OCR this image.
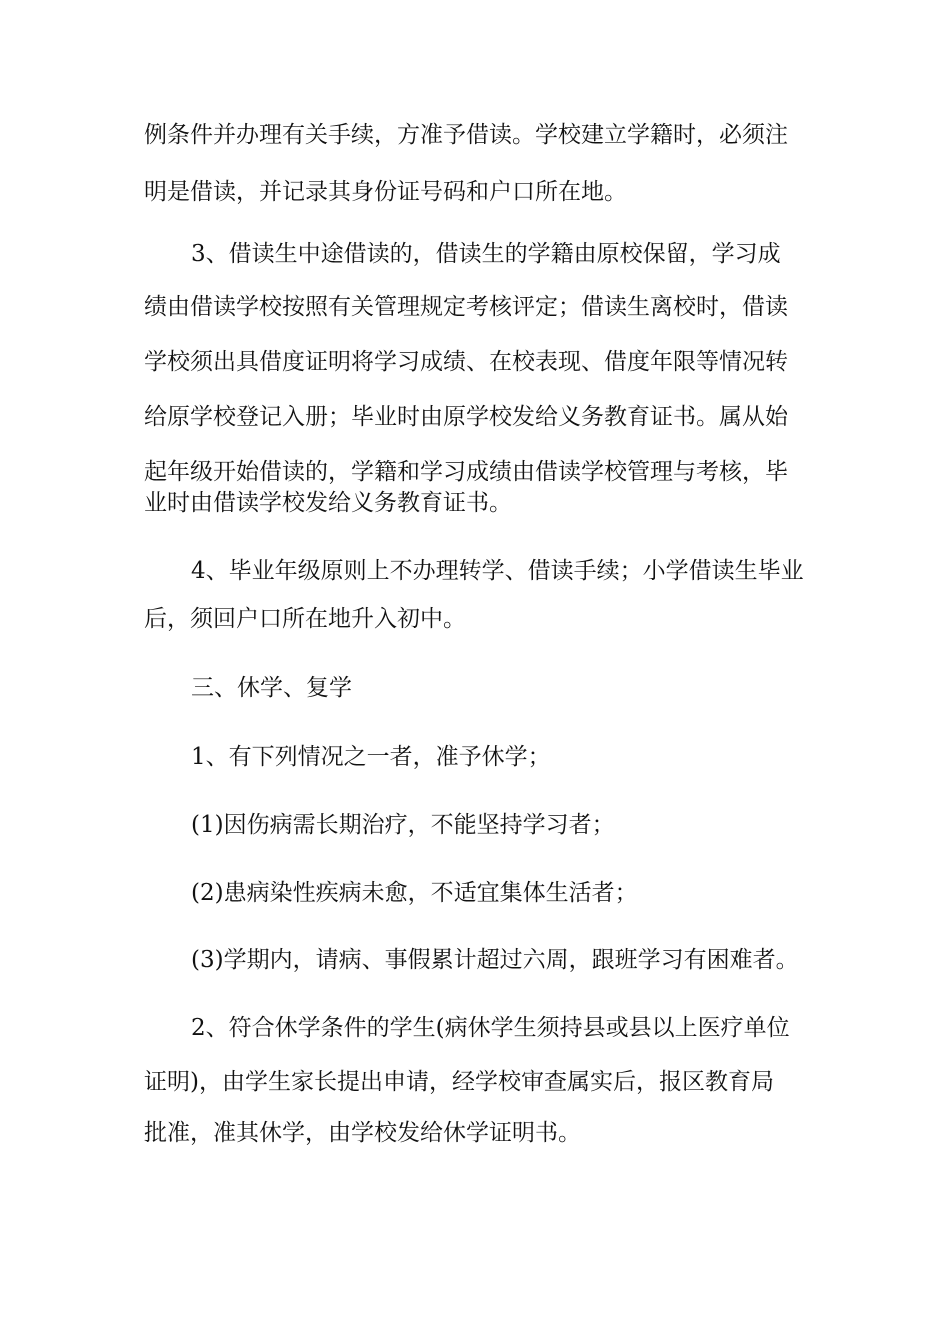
例条件并办理有关手续，方准予借读。学校建立学籍时，必须注
明是借读，并记录其身份证号码和户口所在地。
3、借读生中途借读的，借读生的学籍由原校保留，学习成
绩由借读学校按照有关管理规定考核评定；借读生离校时，借读
学校须出具借度证明将学习成绩、在校表现、借度年限等情况转
给原学校登记入册；毕业时由原学校发给义务教育证书。属从始
起年级开始借读的，学籍和学习成绩由借读学校管理与考核，毕
业时由借读学校发给义务教育证书。
4、毕业年级原则上不办理转学、借读手续；小学借读生毕业
后，须回户口所在地升入初中。
三、休学、复学
1、有下列情况之一者，准予休学；
(1)因伤病需长期治疗，不能坚持学习者；
(2)患病染性疾病未愈，不适宜集体生活者；
(3)学期内，请病、事假累计超过六周，跟班学习有困难者。
2、符合休学条件的学生(病休学生须持县或县以上医疗单位
证明)，由学生家长提出申请，经学校审查属实后，报区教育局
批准，准其休学，由学校发给休学证明书。
